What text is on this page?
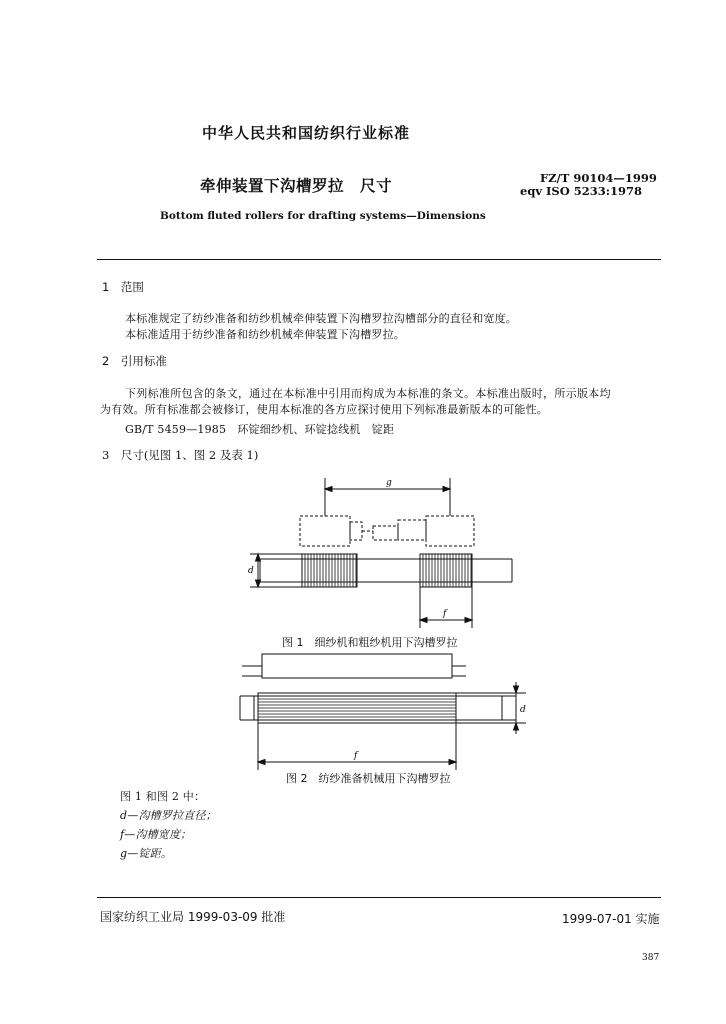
中华人民共和国纺织行业标准
牵伸装置下沟槽罗拉　尺寸	FZ/T 90104—1999
eqv ISO 5233:1978
Bottom fluted rollers for drafting systems—Dimensions
1　范围
本标准规定了纺纱准备和纺纱机械牵伸装置下沟槽罗拉沟槽部分的直径和宽度。
本标准适用于纺纱准备和纺纱机械牵伸装置下沟槽罗拉。
2　引用标准
下列标准所包含的条文，通过在本标准中引用而构成为本标准的条文。本标准出版时，所示版本均
为有效。所有标准都会被修订，使用本标准的各方应探讨使用下列标准最新版本的可能性。
GB/T 5459—1985　环锭细纱机、环锭捻线机　锭距
3　尺寸(见图 1、图 2 及表 1)
g
d
f
图 1　细纱机和粗纱机用下沟槽罗拉
d
f
图 2　纺纱准备机械用下沟槽罗拉
图 1 和图 2 中：
d—沟槽罗拉直径；
f—沟槽宽度；
g—锭距。
国家纺织工业局 1999-03-09 批准	1999-07-01 实施
387
